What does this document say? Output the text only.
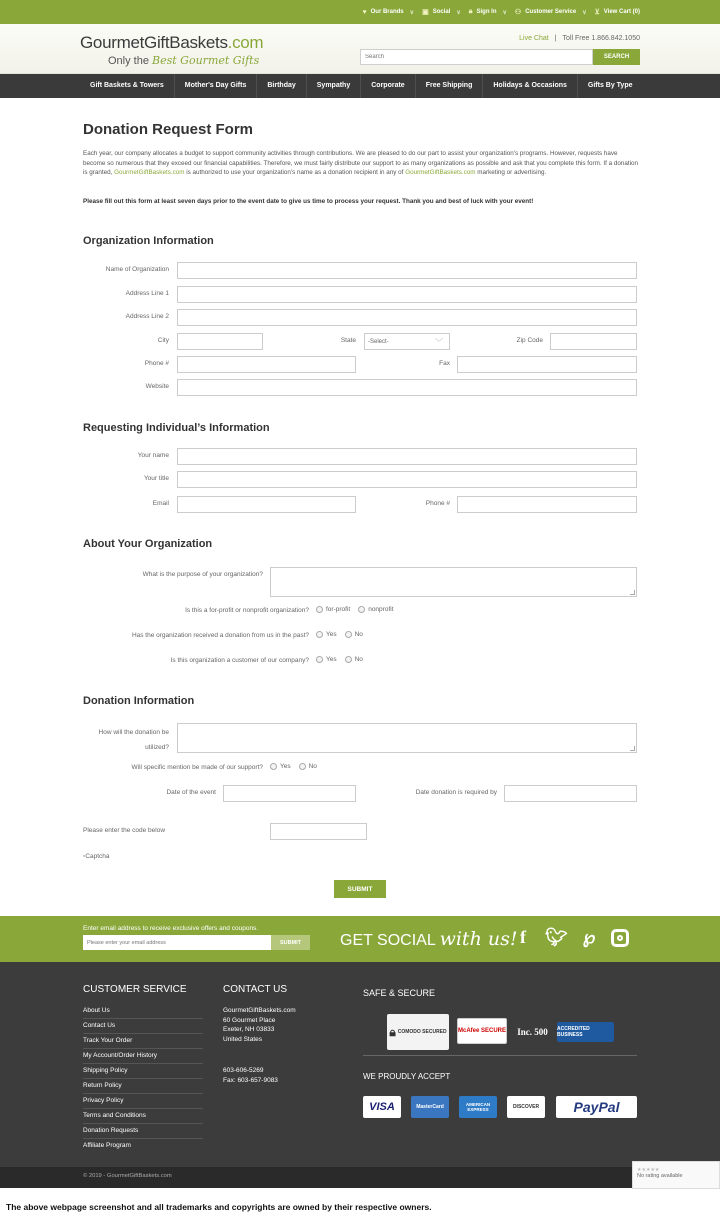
♥ Our Brands ∨ ▣ Social ∨ 🔒︎ Sign In ∨ ⚇ Customer Service ∨ ⊻ View Cart (0)
GourmetGiftBaskets.com
Only the Best Gourmet Gifts
Live Chat | Toll Free 1.866.842.1050
Search
SEARCH
Gift Baskets & Towers	Mother's Day Gifts	Birthday	Sympathy	Corporate	Free Shipping	Holidays & Occasions	Gifts By Type
Donation Request Form
Each year, our company allocates a budget to support community activities through contributions. We are pleased to do our part to assist your organization's programs. However, requests have become so numerous that they exceed our financial capabilities. Therefore, we must fairly distribute our support to as many organizations as possible and ask that you complete this form. If a donation is granted, GourmetGiftBaskets.com is authorized to use your organization's name as a donation recipient in any of GourmetGiftBaskets.com marketing or advertising.
Please fill out this form at least seven days prior to the event date to give us time to process your request. Thank you and best of luck with your event!
Organization Information
Name of Organization
Address Line 1
Address Line 2
City	State	-Select-	﹀	Zip Code
Phone #	Fax
Website
Requesting Individual’s Information
Your name
Your title
Email	Phone #
About Your Organization
What is the purpose of your organization?
Is this a for-profit or nonprofit organization?	for-profit	nonprofit
Has the organization received a donation from us in the past?	Yes	No
Is this organization a customer of our company?	Yes	No
Donation Information
How will the donation be
utilized?
Will specific mention be made of our support?	Yes	No
Date of the event	Date donation is required by
Please enter the code below
▫Captcha
SUBMIT
Enter email address to receive exclusive offers and coupons.
Please enter your email address
SUBMIT	GET SOCIAL with us! f	🐦︎ ℘
CUSTOMER SERVICE
About Us
Contact Us
Track Your Order
My Account/Order History
Shipping Policy
Return Policy
Privacy Policy
Terms and Conditions
Donation Requests
Affiliate Program
CONTACT US
GourmetGiftBaskets.com
60 Gourmet Place
Exeter, NH 03833
United States
603-606-5269
Fax: 603-657-9083
SAFE & SECURE
🔒︎ COMODO SECURED McAfee SECURE Inc. 500 ACCREDITED BUSINESS
WE PROUDLY ACCEPT
VISA	MasterCard	AMERICAN EXPRESS	DISCOVER	PayPal
© 2019 - GourmetGiftBaskets.com
★★★★★
No rating available
The above webpage screenshot and all trademarks and copyrights are owned by their respective owners.
